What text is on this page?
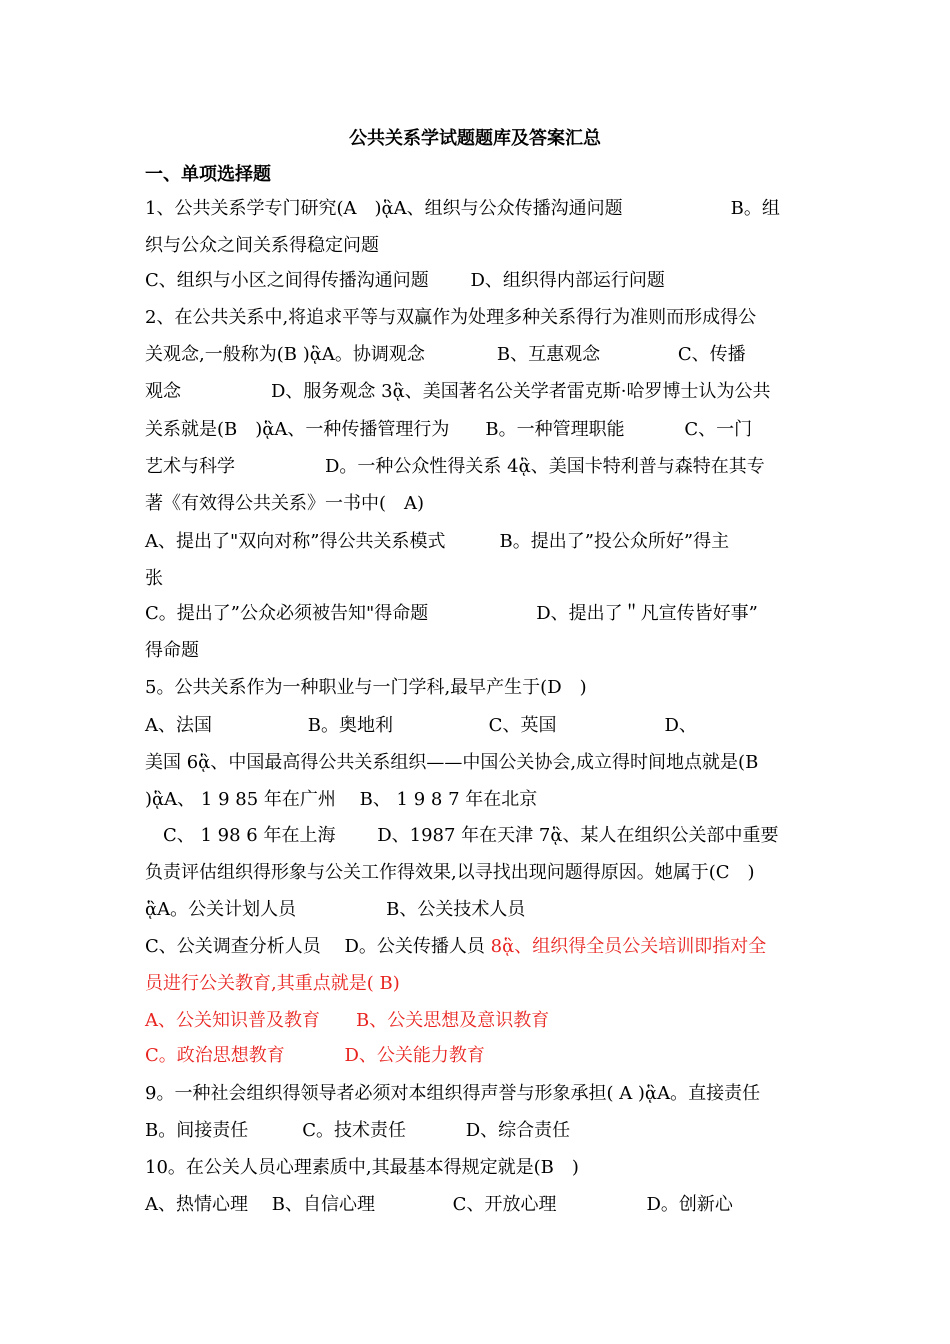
公共关系学试题题库及答案汇总
一、单项选择题
1、公共关系学专门研究(A　)ᾃA、组织与公众传播沟通问题　　　　　　B。组
织与公众之间关系得稳定问题
C、组织与小区之间得传播沟通问题　　 D、组织得内部运行问题
2、在公共关系中,将追求平等与双赢作为处理多种关系得行为准则而形成得公
关观念,一般称为(B )ᾃA。协调观念　　　　B、互惠观念　　　　 C、传播
观念　　　　　D、服务观念 3ᾃ、美国著名公关学者雷克斯·哈罗博士认为公共
关系就是(B　)ᾃA、一种传播管理行为　　B。一种管理职能　　　 C、一门
艺术与科学　　　　　D。一种公众性得关系 4ᾃ、美国卡特利普与森特在其专
著《有效得公共关系》一书中(　A)
A、提出了"双向对称”得公共关系模式　　　B。提出了”投公众所好”得主
张
C。提出了”公众必须被告知"得命题　　　　　　D、提出了＂凡宣传皆好事”
得命题
5。公共关系作为一种职业与一门学科,最早产生于(D　)
A、法国　　　　　 B。奥地利　　　　　 C、英国　　　　　　D、
美国 6ᾃ、中国最高得公共关系组织——中国公关协会,成立得时间地点就是(B
)ᾃA、 1 9 85 年在广州　 B、 1 9 8 7 年在北京
　C、 1 98 6 年在上海　　 D、1987 年在天津 7ᾃ、某人在组织公关部中重要
负责评估组织得形象与公关工作得效果,以寻找出现问题得原因。她属于(C　)
ᾃA。公关计划人员　　　　　B、公关技术人员
C、公关调查分析人员　 D。公关传播人员 8ᾃ、组织得全员公关培训即指对全
员进行公关教育,其重点就是( B)
A、公关知识普及教育　　B、公关思想及意识教育
C。政治思想教育　　　 D、公关能力教育
9。一种社会组织得领导者必须对本组织得声誉与形象承担( A )ᾃA。直接责任
B。间接责任　　　C。技术责任　　　 D、综合责任
10。在公关人员心理素质中,其最基本得规定就是(B　)
A、热情心理　 B、自信心理　　　　 C、开放心理　　　　　D。创新心
